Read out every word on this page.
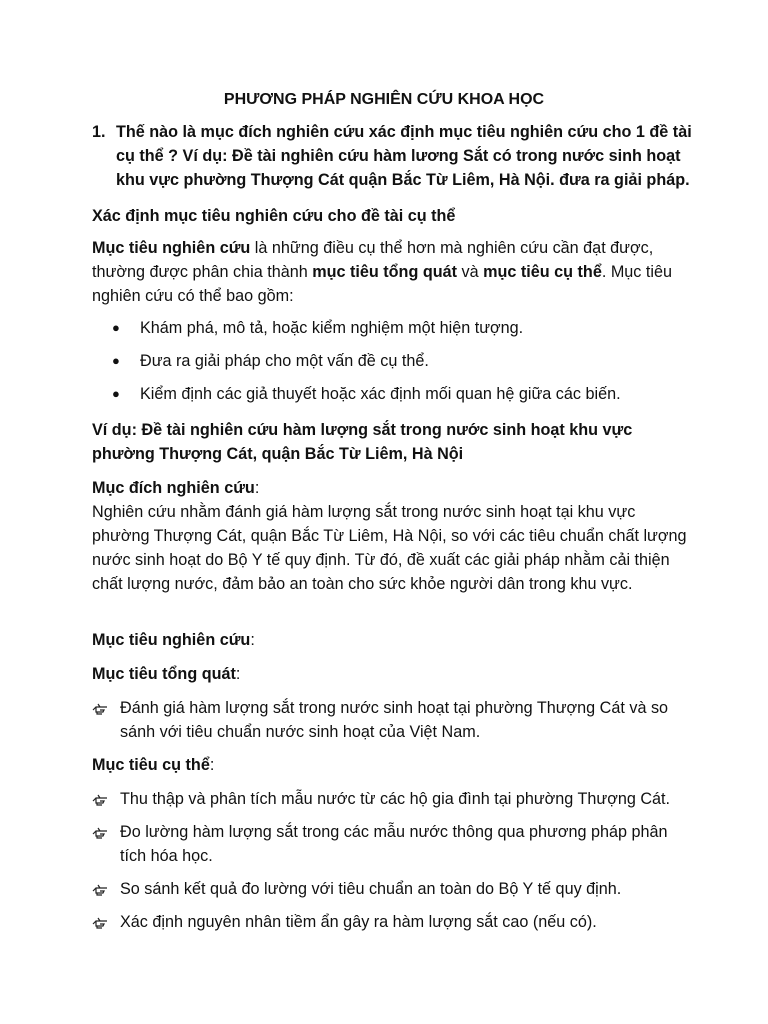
PHƯƠNG PHÁP NGHIÊN CỨU KHOA HỌC
1. Thế nào là mục đích nghiên cứu xác định mục tiêu nghiên cứu cho 1 đề tài cụ thể ? Ví dụ: Đề tài nghiên cứu hàm lương Sắt có trong nước sinh hoạt khu vực phường Thượng Cát quận Bắc Từ Liêm, Hà Nội. đưa ra giải pháp.
Xác định mục tiêu nghiên cứu cho đề tài cụ thể
Mục tiêu nghiên cứu là những điều cụ thể hơn mà nghiên cứu cần đạt được, thường được phân chia thành mục tiêu tổng quát và mục tiêu cụ thể. Mục tiêu nghiên cứu có thể bao gồm:
● Khám phá, mô tả, hoặc kiểm nghiệm một hiện tượng.
● Đưa ra giải pháp cho một vấn đề cụ thể.
● Kiểm định các giả thuyết hoặc xác định mối quan hệ giữa các biến.
Ví dụ: Đề tài nghiên cứu hàm lượng sắt trong nước sinh hoạt khu vực phường Thượng Cát, quận Bắc Từ Liêm, Hà Nội
Mục đích nghiên cứu:
Nghiên cứu nhằm đánh giá hàm lượng sắt trong nước sinh hoạt tại khu vực phường Thượng Cát, quận Bắc Từ Liêm, Hà Nội, so với các tiêu chuẩn chất lượng nước sinh hoạt do Bộ Y tế quy định. Từ đó, đề xuất các giải pháp nhằm cải thiện chất lượng nước, đảm bảo an toàn cho sức khỏe người dân trong khu vực.
Mục tiêu nghiên cứu:
Mục tiêu tổng quát:
Đánh giá hàm lượng sắt trong nước sinh hoạt tại phường Thượng Cát và so sánh với tiêu chuẩn nước sinh hoạt của Việt Nam.
Mục tiêu cụ thể:
Thu thập và phân tích mẫu nước từ các hộ gia đình tại phường Thượng Cát.
Đo lường hàm lượng sắt trong các mẫu nước thông qua phương pháp phân tích hóa học.
So sánh kết quả đo lường với tiêu chuẩn an toàn do Bộ Y tế quy định.
Xác định nguyên nhân tiềm ẩn gây ra hàm lượng sắt cao (nếu có).
